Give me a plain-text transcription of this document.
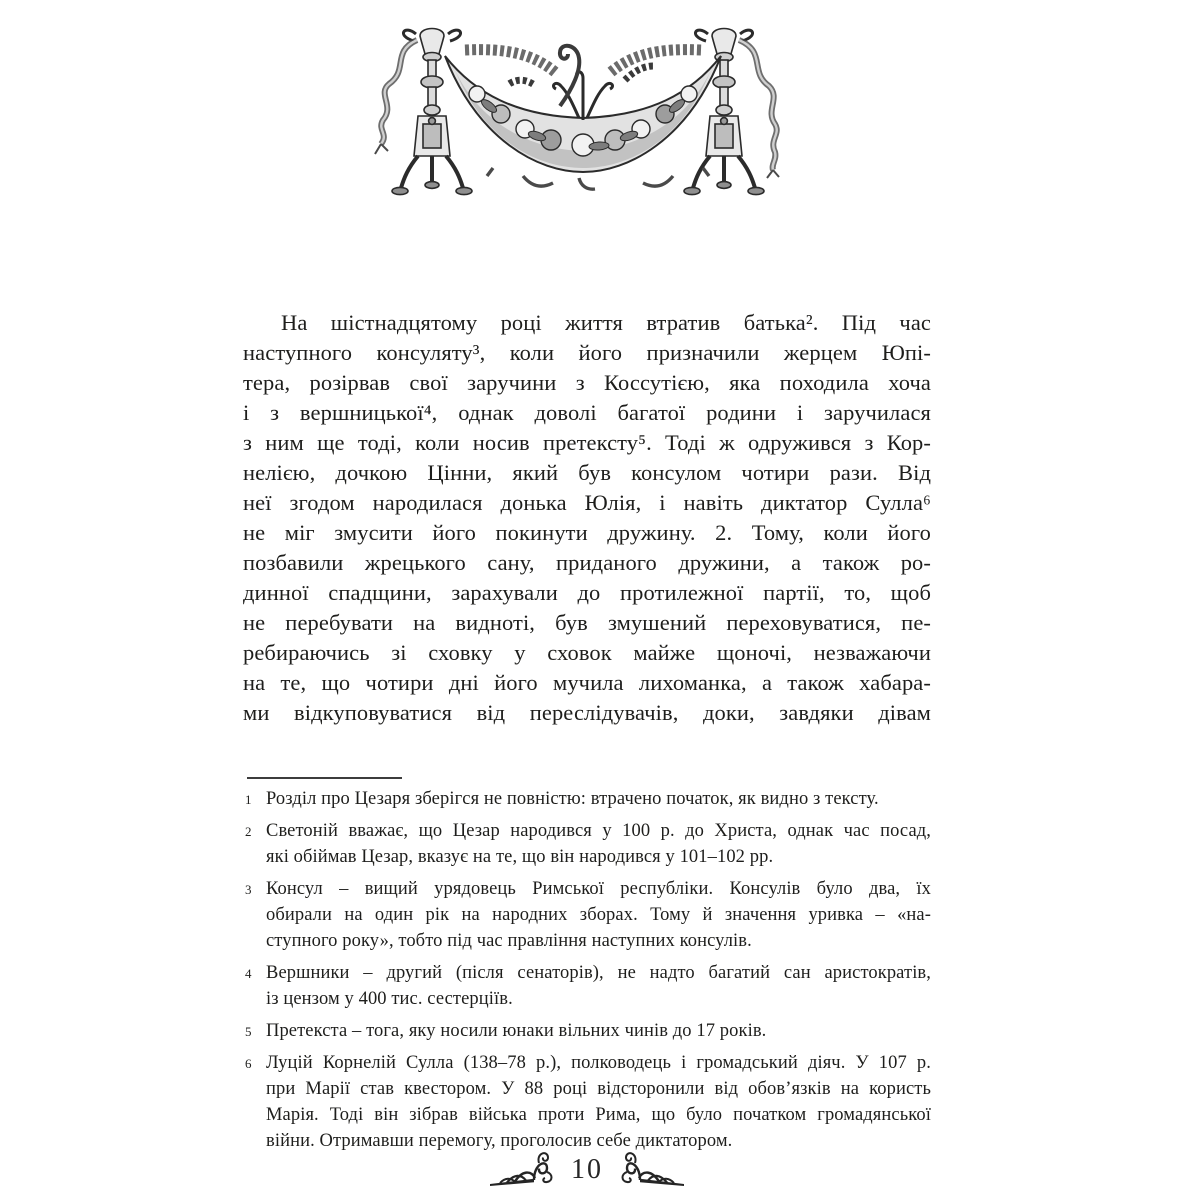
На шістнадцятому році життя втратив батька². Під час
наступного консуляту³, коли його призначили жерцем Юпі-
тера, розірвав свої заручини з Коссутією, яка походила хоча
і з вершницької⁴, однак доволі багатої родини і заручилася
з ним ще тоді, коли носив претексту⁵. Тоді ж одружився з Кор-
нелією, дочкою Цінни, який був консулом чотири рази. Від
неї згодом народилася донька Юлія, і навіть диктатор Сулла⁶
не міг змусити його покинути дружину. 2. Тому, коли його
позбавили жрецького сану, приданого дружини, а також ро-
динної спадщини, зарахували до протилежної партії, то, щоб
не перебувати на видноті, був змушений переховуватися, пе-
ребираючись зі сховку у сховок майже щоночі, незважаючи
на те, що чотири дні його мучила лихоманка, а також хабара-
ми відкуповуватися від переслідувачів, доки, завдяки дівам
1 Розділ про Цезаря зберігся не повністю: втрачено початок, як видно з тексту.
2 Светоній вважає, що Цезар народився у 100 р. до Христа, однак час посад,
які обіймав Цезар, вказує на те, що він народився у 101–102 рр.
3 Консул – вищий урядовець Римської республіки. Консулів було два, їх
обирали на один рік на народних зборах. Тому й значення уривка – «на-
ступного року», тобто під час правління наступних консулів.
4 Вершники – другий (після сенаторів), не надто багатий сан аристократів,
із цензом у 400 тис. сестерціїв.
5 Претекста – тога, яку носили юнаки вільних чинів до 17 років.
6 Луцій Корнелій Сулла (138–78 р.), полководець і громадський діяч. У 107 р.
при Марії став квестором. У 88 році відсторонили від обов’язків на користь
Марія. Тоді він зібрав війська проти Рима, що було початком громадянської
війни. Отримавши перемогу, проголосив себе диктатором.
10
